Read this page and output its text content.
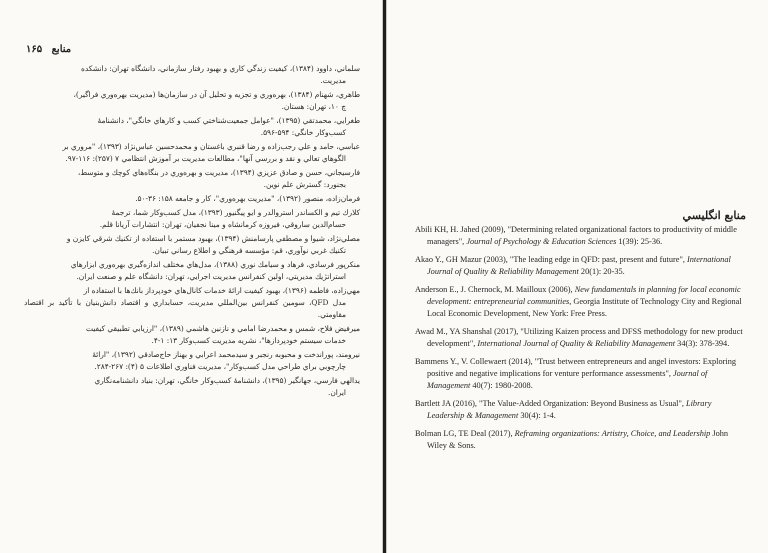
منابع ۱۶۵
سلماني، داوود (۱۳۸۴)، كيفيت زندگي كاري و بهبود رفتار سازماني، دانشگاه تهران: دانشكده
مديريت.
طاهري، شهنام (۱۳۸۴)، بهره‌وري و تجزيه و تحليل آن در سازمان‌ها (مديريت بهره‌وري فراگير)،
چ ۱۰، تهران: هستان.
طغرايي، محمدتقي (۱۳۹۵)، "عوامل جمعيت‌شناختي كسب و كارهاي خانگي"، دانشنامهٔ
كسب‌وكار خانگي: ۵۹۴-۵۹۶.
عباسي، حامد و علي رجب‌زاده و رضا قنبري باغستان و محمدحسين عباس‌نژاد (۱۳۹۳)، "مروري بر
الگوهاي تعالي و نقد و بررسي آنها"، مطالعات مديريت بر آموزش انتظامي ۷ (۲۵۷): ۱۱۶-۹۷.
فارسيجاني، حسن و صادق عزيزي (۱۳۹۴)، مديريت و بهره‌وري در بنگاه‌هاي كوچك و متوسط،
بجنورد: گسترش علم نوين.
فرمان‌زاده، منصور (۱۳۹۲)، "مديريت بهره‌وري"، كار و جامعه ۱۵۸: ۳۶-۵۰.
كلارك تيم و الكساندر استروالدر و ايو پيگنيور (۱۳۹۳)، مدل كسب‌وكار شما، ترجمهٔ
حسام‌الدين ساروقي، فيروزه كرمانشاه و مينا نجفيان، تهران: انتشارات آريانا قلم.
مصلي‌نژاد، شيوا و مصطفي پارسامنش (۱۳۹۴)، بهبود مستمر با استفاده از تكنيك شرقي كايزن و
تكنيك غربي نوآوري، قم: مؤسسه فرهنگي و اطلاع رساني تبيان.
منكرپور فرسادي، فرهاد و سيامك نوري (۱۳۸۸)، مدل‌هاي مختلف اندازه‌گيري بهره‌وري ابزارهاي
استراتژيك مديريتي، اولين كنفرانس مديريت اجرايي، تهران: دانشگاه علم و صنعت ايران.
مهي‌زاده، فاطمه (۱۳۹۶)، بهبود كيفيت ارائهٔ خدمات كانال‌هاي خودپرداز بانك‌ها با استفاده از
مدل QFD، سومين كنفرانس بين‌المللي مديريت، حسابداري و اقتصاد دانش‌بنيان با تأكيد بر اقتصاد مقاومتي.
ميرفيض فلاح، شمس و محمدرضا امامي و نازنين هاشمي (۱۳۸۹)، "ارزيابي تطبيقي كيفيت
خدمات سيستم خودپردازها"، نشريه مديريت كسب‌وكار ۱۳: ۱-۴.
نيرومند، پوراندخت و محبوبه رنجبر و سيدمحمد اعرابي و بهناز حاج‌صادقي (۱۳۹۲)، "ارائهٔ
چارچوبي براي طراحي مدل كسب‌وكار"، مديريت فناوري اطلاعات ۵ (۴): ۲۶۷-۲۸۴.
يدالهي فارسي، جهانگير (۱۳۹۵)، دانشنامهٔ كسب‌وكار خانگي، تهران: بنياد دانشنامه‌نگاري
ايران.
منابع انگليسي
Abili KH, H. Jahed (2009), "Determining related organizational factors to productivity of middle managers", Journal of Psychology & Education Sciences 1(39): 25-36.
Akao Y., GH Mazur (2003), "The leading edge in QFD: past, present and future", International Journal of Quality & Reliability Management 20(1): 20-35.
Anderson E., J. Chernock, M. Mailloux (2006), New fundamentals in planning for local economic development: entrepreneurial communities, Georgia Institute of Technology City and Regional Local Economic Development, New York: Free Press.
Awad M., YA Shanshal (2017), "Utilizing Kaizen process and DFSS methodology for new product development", International Journal of Quality & Reliability Management 34(3): 378-394.
Bammens Y., V. Collewaert (2014), "Trust between entrepreneurs and angel investors: Exploring positive and negative implications for venture performance assessments", Journal of Management 40(7): 1980-2008.
Bartlett JA (2016), "The Value-Added Organization: Beyond Business as Usual", Library Leadership & Management 30(4): 1-4.
Bolman LG, TE Deal (2017), Reframing organizations: Artistry, Choice, and Leadership John Wiley & Sons.
